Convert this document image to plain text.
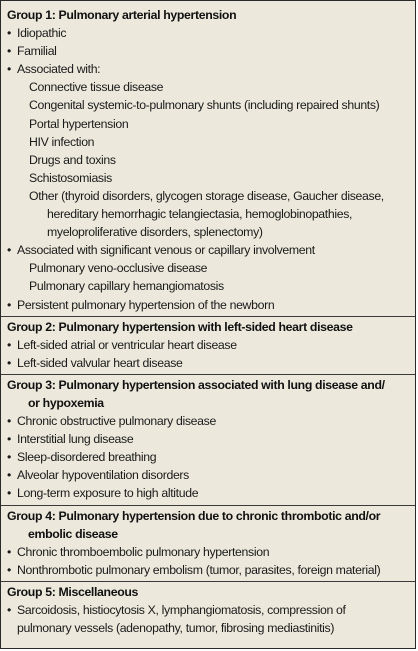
Group 1: Pulmonary arterial hypertension
• Idiopathic
• Familial
• Associated with:
Connective tissue disease
Congenital systemic-to-pulmonary shunts (including repaired shunts)
Portal hypertension
HIV infection
Drugs and toxins
Schistosomiasis
Other (thyroid disorders, glycogen storage disease, Gaucher disease,
hereditary hemorrhagic telangiectasia, hemoglobinopathies,
myeloproliferative disorders, splenectomy)
• Associated with significant venous or capillary involvement
Pulmonary veno-occlusive disease
Pulmonary capillary hemangiomatosis
• Persistent pulmonary hypertension of the newborn
Group 2: Pulmonary hypertension with left-sided heart disease
• Left-sided atrial or ventricular heart disease
• Left-sided valvular heart disease
Group 3: Pulmonary hypertension associated with lung disease and/
or hypoxemia
• Chronic obstructive pulmonary disease
• Interstitial lung disease
• Sleep-disordered breathing
• Alveolar hypoventilation disorders
• Long-term exposure to high altitude
Group 4: Pulmonary hypertension due to chronic thrombotic and/or
embolic disease
• Chronic thromboembolic pulmonary hypertension
• Nonthrombotic pulmonary embolism (tumor, parasites, foreign material)
Group 5: Miscellaneous
• Sarcoidosis, histiocytosis X, lymphangiomatosis, compression of
pulmonary vessels (adenopathy, tumor, fibrosing mediastinitis)
